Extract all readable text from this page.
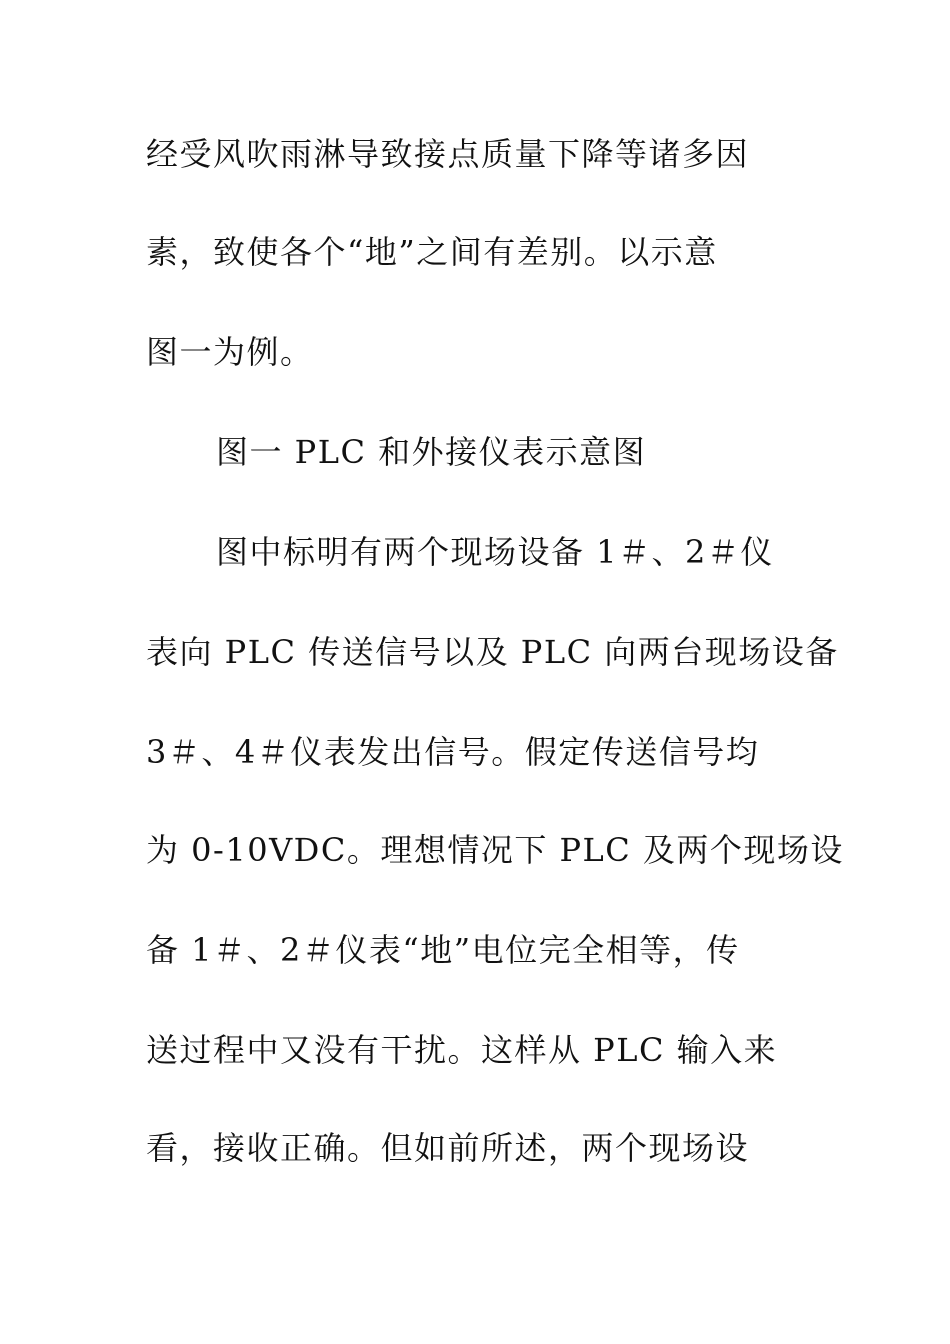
经受风吹雨淋导致接点质量下降等诸多因
素，致使各个“地”之间有差别。以示意
图一为例。
图一 PLC 和外接仪表示意图
图中标明有两个现场设备 1＃、2＃仪
表向 PLC 传送信号以及 PLC 向两台现场设备
3＃、4＃仪表发出信号。假定传送信号均
为 0-10VDC。理想情况下 PLC 及两个现场设
备 1＃、2＃仪表“地”电位完全相等，传
送过程中又没有干扰。这样从 PLC 输入来
看，接收正确。但如前所述，两个现场设
